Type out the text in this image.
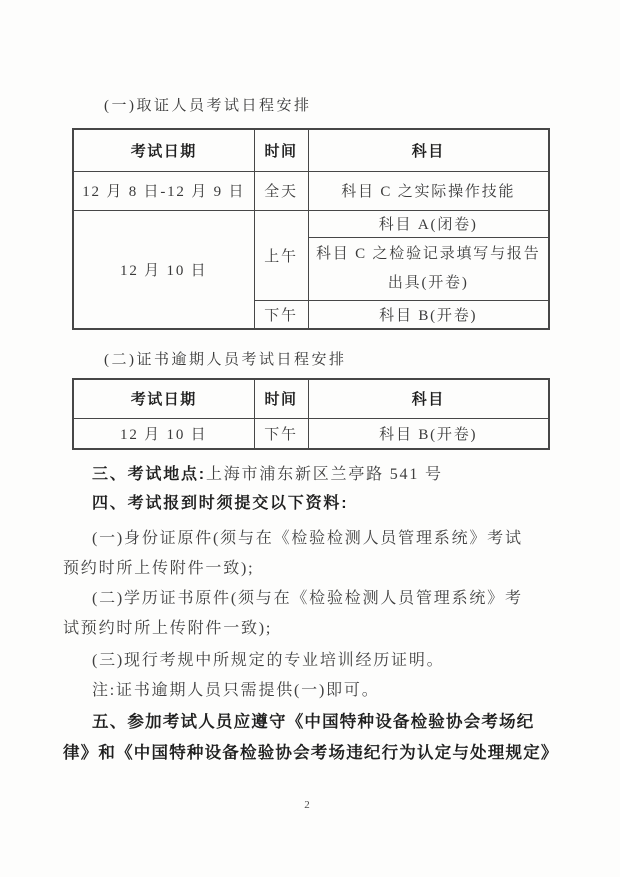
(一)取证人员考试日程安排
考试日期	时间	科目
12 月 8 日-12 月 9 日	全天	科目 C 之实际操作技能
12 月 10 日	上午	科目 A(闭卷)

		科目 C 之检验记录填写与报告
出具(开卷)

	下午	科目 B(开卷)
(二)证书逾期人员考试日程安排
考试日期	时间	科目
12 月 10 日	下午	科目 B(开卷)
三、考试地点:上海市浦东新区兰亭路 541 号
四、考试报到时须提交以下资料:
(一)身份证原件(须与在《检验检测人员管理系统》考试
预约时所上传附件一致);
(二)学历证书原件(须与在《检验检测人员管理系统》考
试预约时所上传附件一致);
(三)现行考规中所规定的专业培训经历证明。
注:证书逾期人员只需提供(一)即可。
五、参加考试人员应遵守《中国特种设备检验协会考场纪
律》和《中国特种设备检验协会考场违纪行为认定与处理规定》
2
